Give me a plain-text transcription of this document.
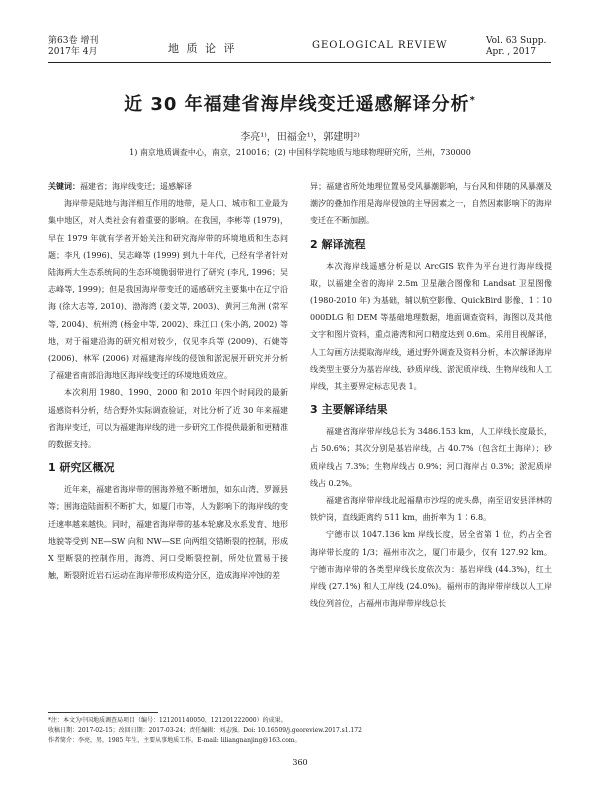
第63卷 增刊
2017年 4月	地 质 论 评	GEOLOGICAL REVIEW	Vol. 63 Supp.
Apr. , 2017
近 30 年福建省海岸线变迁遥感解译分析*
李亮¹⁾，田福金¹⁾，郭建明²⁾
1) 南京地质调查中心，南京，210016；(2) 中国科学院地质与地球物理研究所，兰州，730000
关键词：福建省；海岸线变迁；遥感解译

海岸带是陆地与海洋相互作用的地带，是人口、城市和工业最为集中地区，对人类社会有着重要的影响。在我国，李彬等 (1979)，早在 1979 年就有学者开始关注和研究海岸带的环境地质和生态问题；李凡 (1996)、吴志峰等 (1999) 到九十年代，已经有学者针对陆海两大生态系统间的生态环境脆弱带进行了研究 (李凡, 1996；吴志峰等, 1999)；但是我国海岸带变迁的遥感研究主要集中在辽宁沿海 (徐大志等, 2010)、渤海湾 (姜文等, 2003)、黄河三角洲 (常军等, 2004)、杭州湾 (杨金中等, 2002)、珠江口 (朱小鸽, 2002) 等地，对于福建沿海的研究相对较少，仅见李兵等 (2009)、石婕等 (2006)、林军 (2006) 对福建海岸线的侵蚀和淤泥展开研究并分析了福建省南部沿海地区海岸线变迁的环境地质效应。

本次利用 1980、1990、2000 和 2010 年四个时间段的最新遥感资料分析，结合野外实际调查验证，对比分析了近 30 年来福建省海岸变迁，可以为福建海岸线的进一步研究工作提供最新和更精准的数据支持。

1 研究区概况

近年来，福建省海岸带的围海养殖不断增加，如东山湾、罗源县等；围海造陆面积不断扩大，如厦门市等，人为影响下的海岸线的变迁速率越来越快。同时，福建省海岸带的基本轮廓及水系发育、地形地貌等受到 NE―SW 向和 NW―SE 向两组交错断裂的控制，形成 X 型断裂的控制作用，海湾、河口受断裂控制，所处位置易于接触，断裂附近岩石运动在海岸带形成构造分区，造成海岸冲蚀的差

异；福建省所处地理位置易受风暴潮影响，与台风和伴随的风暴潮及潮汐的叠加作用是海岸侵蚀的主导因素之一，自然因素影响下的海岸变迁在不断加剧。
2 解译流程

本次海岸线遥感分析是以 ArcGIS 软件为平台进行海岸线提取，以福建全省的海岸 2.5m 卫星融合图像和 Landsat 卫星图像 (1980-2010 年) 为基础，辅以航空影像、QuickBird 影像、1∶10 000DLG 和 DEM 等基础地理数据，地面调查资料，海图以及其他文字和图片资料，重点港湾和河口精度达到 0.6m。采用目视解译，人工勾画方法提取海岸线，通过野外调查及资料分析，本次解译海岸线类型主要分为基岩岸线、砂质岸线、淤泥质岸线、生物岸线和人工岸线，其主要界定标志见表 1。

3 主要解译结果

福建省海岸带岸线总长为 3486.153 km，人工岸线长度最长，占 50.6%；其次分别是基岩岸线，占 40.7%（包含红土海岸）；砂质岸线占 7.3%；生物岸线占 0.9%；河口海岸占 0.3%；淤泥质岸线占 0.2%。

福建省海岸带岸线北起福鼎市沙埕的虎头鼻，南至诏安县洋林的铁炉岗，直线距离约 511 km，曲折率为 1∶6.8。

宁德市以 1047.136 km 岸线长度，居全省第 1 位，约占全省海岸带长度的 1/3；福州市次之，厦门市最少，仅有 127.92 km。宁德市海岸带的各类型岸线长度依次为：基岩岸线 (44.3%)，红土岸线 (27.1%) 和人工岸线 (24.0%)。福州市的海岸带岸线以人工岸线位列首位，占福州市海岸带岸线总长

*注：本文为中国地质调查局项目（编号：121201140050、121201222000）的成果。
收稿日期：2017-02-15；改回日期：2017-03-24；责任编辑：刘志强。Doi: 10.16509/j.georeview.2017.s1.172
作者简介：李亮，男，1985 年生，主要从事地质工作。E-mail: liliangnanjing@163.com。
360
